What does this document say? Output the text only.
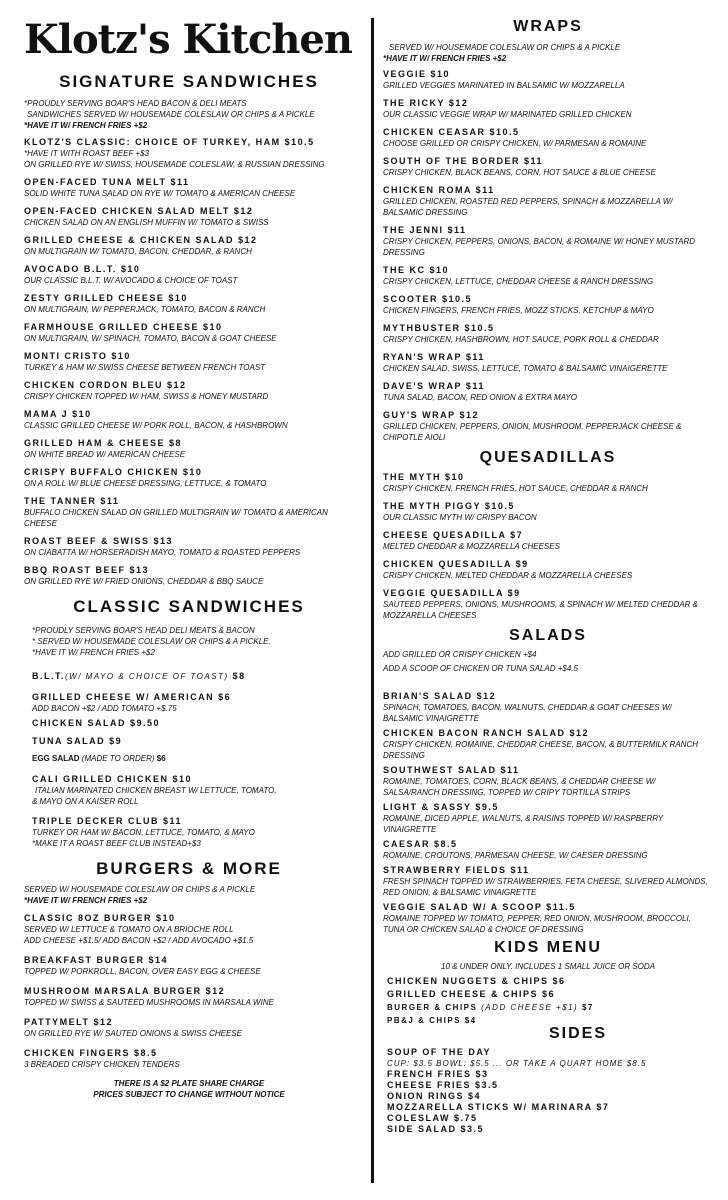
Klotz's Kitchen
SIGNATURE SANDWICHES

*PROUDLY SERVING BOAR'S HEAD BACON & DELI MEATS

SANDWICHES SERVED W/ HOUSEMADE COLESLAW OR CHIPS & A PICKLE

*HAVE IT W/ FRENCH FRIES +$2

KLOTZ'S CLASSIC: CHOICE OF TURKEY, HAM $10.5
*HAVE IT WITH ROAST BEEF +$3
ON GRILLED RYE W/ SWISS, HOUSEMADE COLESLAW, & RUSSIAN DRESSING
OPEN-FACED TUNA MELT $11
SOLID WHITE TUNA SALAD ON RYE W/ TOMATO & AMERICAN CHEESE
OPEN-FACED CHICKEN SALAD MELT $12
CHICKEN SALAD ON AN ENGLISH MUFFIN W/ TOMATO & SWISS
GRILLED CHEESE & CHICKEN SALAD $12
ON MULTIGRAIN W/ TOMATO, BACON, CHEDDAR, & RANCH
AVOCADO B.L.T. $10
OUR CLASSIC B.L.T. W/ AVOCADO & CHOICE OF TOAST
ZESTY GRILLED CHEESE $10
ON MULTIGRAIN, W/ PEPPERJACK, TOMATO, BACON & RANCH
FARMHOUSE GRILLED CHEESE $10
ON MULTIGRAIN, W/ SPINACH, TOMATO, BACON & GOAT CHEESE
MONTI CRISTO $10
TURKEY & HAM W/ SWISS CHEESE BETWEEN FRENCH TOAST
CHICKEN CORDON BLEU $12
CRISPY CHICKEN TOPPED W/ HAM, SWISS & HONEY MUSTARD
MAMA J $10
CLASSIC GRILLED CHEESE W/ PORK ROLL, BACON, & HASHBROWN
GRILLED HAM & CHEESE $8
ON WHITE BREAD W/ AMERICAN CHEESE
CRISPY BUFFALO CHICKEN $10
ON A ROLL W/ BLUE CHEESE DRESSING, LETTUCE, & TOMATO
THE TANNER $11
BUFFALO CHICKEN SALAD ON GRILLED MULTIGRAIN W/ TOMATO & AMERICAN CHEESE
ROAST BEEF & SWISS $13
ON CIABATTA W/ HORSERADISH MAYO, TOMATO & ROASTED PEPPERS
BBQ ROAST BEEF $13
ON GRILLED RYE W/ FRIED ONIONS, CHEDDAR & BBQ SAUCE
CLASSIC SANDWICHES

*PROUDLY SERVING BOAR'S HEAD DELI MEATS & BACON

* SERVED W/ HOUSEMADE COLESLAW OR CHIPS & A PICKLE.

*HAVE IT W/ FRENCH FRIES +$2

B.L.T.(W/ MAYO & CHOICE OF TOAST) $8
GRILLED CHEESE W/ AMERICAN $6
ADD BACON +$2 / ADD TOMATO +$.75
CHICKEN SALAD $9.50
TUNA SALAD $9
EGG SALAD (MADE TO ORDER) $6
CALI GRILLED CHICKEN $10
ITALIAN MARINATED CHICKEN BREAST W/ LETTUCE, TOMATO,
& MAYO ON A KAISER ROLL
TRIPLE DECKER CLUB $11
TURKEY OR HAM W/ BACON, LETTUCE, TOMATO, & MAYO
*MAKE IT A ROAST BEEF CLUB INSTEAD+$3
BURGERS & MORE

SERVED W/ HOUSEMADE COLESLAW OR CHIPS & A PICKLE

*HAVE IT W/ FRENCH FRIES +$2

CLASSIC 8OZ BURGER $10
SERVED W/ LETTUCE & TOMATO ON A BRIOCHE ROLL
ADD CHEESE +$1.5/ ADD BACON +$2 / ADD AVOCADO +$1.5
BREAKFAST BURGER $14
TOPPED W/ PORKROLL, BACON, OVER EASY EGG & CHEESE
MUSHROOM MARSALA BURGER $12
TOPPED W/ SWISS & SAUTEED MUSHROOMS IN MARSALA WINE
PATTYMELT $12
ON GRILLED RYE W/ SAUTED ONIONS & SWISS CHEESE
CHICKEN FINGERS $8.5
3 BREADED CRISPY CHICKEN TENDERS

THERE IS A $2 PLATE SHARE CHARGE

PRICES SUBJECT TO CHANGE WITHOUT NOTICE

WRAPS

SERVED W/ HOUSEMADE COLESLAW OR CHIPS & A PICKLE

*HAVE IT W/ FRENCH FRIES +$2

VEGGIE $10
GRILLED VEGGIES MARINATED IN BALSAMIC W/ MOZZARELLA
THE RICKY $12
OUR CLASSIC VEGGIE WRAP W/ MARINATED GRILLED CHICKEN
CHICKEN CEASAR $10.5
CHOOSE GRILLED OR CRISPY CHICKEN, W/ PARMESAN & ROMAINE
SOUTH OF THE BORDER $11
CRISPY CHICKEN, BLACK BEANS, CORN, HOT SAUCE & BLUE CHEESE
CHICKEN ROMA $11
GRILLED CHICKEN, ROASTED RED PEPPERS, SPINACH & MOZZARELLA W/ BALSAMIC DRESSING
THE JENNI $11
CRISPY CHICKEN, PEPPERS, ONIONS, BACON, & ROMAINE W/ HONEY MUSTARD DRESSING
THE KC $10
CRISPY CHICKEN, LETTUCE, CHEDDAR CHEESE & RANCH DRESSING
SCOOTER $10.5
CHICKEN FINGERS, FRENCH FRIES, MOZZ STICKS, KETCHUP & MAYO
MYTHBUSTER $10.5
CRISPY CHICKEN, HASHBROWN, HOT SAUCE, PORK ROLL & CHEDDAR
RYAN'S WRAP $11
CHICKEN SALAD, SWISS, LETTUCE, TOMATO & BALSAMIC VINAIGERETTE
DAVE'S WRAP $11
TUNA SALAD, BACON, RED ONION & EXTRA MAYO
GUY'S WRAP $12
GRILLED CHICKEN, PEPPERS, ONION, MUSHROOM, PEPPERJACK CHEESE & CHIPOTLE AIOLI
QUESADILLAS
THE MYTH $10
CRISPY CHICKEN, FRENCH FRIES, HOT SAUCE, CHEDDAR & RANCH
THE MYTH PIGGY $10.5
OUR CLASSIC MYTH W/ CRISPY BACON
CHEESE QUESADILLA $7
MELTED CHEDDAR & MOZZARELLA CHEESES
CHICKEN QUESADILLA $9
CRISPY CHICKEN, MELTED CHEDDAR & MOZZARELLA CHEESES
VEGGIE QUESADILLA $9
SAUTEED PEPPERS, ONIONS, MUSHROOMS, & SPINACH W/ MELTED CHEDDAR & MOZZARELLA CHEESES
SALADS

ADD GRILLED OR CRISPY CHICKEN +$4

ADD A SCOOP OF CHICKEN OR TUNA SALAD +$4.5

BRIAN'S SALAD $12
SPINACH, TOMATOES, BACON, WALNUTS, CHEDDAR & GOAT CHEESES W/ BALSAMIC VINAIGRETTE
CHICKEN BACON RANCH SALAD $12
CRISPY CHICKEN, ROMAINE, CHEDDAR CHEESE, BACON, & BUTTERMILK RANCH DRESSING
SOUTHWEST SALAD $11
ROMAINE, TOMATOES, CORN, BLACK BEANS, & CHEDDAR CHEESE W/ SALSA/RANCH DRESSING, TOPPED W/ CRIPY TORTILLA STRIPS
LIGHT & SASSY $9.5
ROMAINE, DICED APPLE, WALNUTS, & RAISINS TOPPED W/ RASPBERRY VINAIGRETTE
CAESAR $8.5
ROMAINE, CROUTONS, PARMESAN CHEESE, W/ CAESER DRESSING
STRAWBERRY FIELDS $11
FRESH SPINACH TOPPED W/ STRAWBERRIES, FETA CHEESE, SLIVERED ALMONDS, RED ONION, & BALSAMIC VINAIGRETTE
VEGGIE SALAD W/ A SCOOP $11.5
ROMAINE TOPPED W/ TOMATO, PEPPER, RED ONION, MUSHROOM, BROCCOLI, TUNA OR CHICKEN SALAD & CHOICE OF DRESSING
KIDS MENU

10 & UNDER ONLY. INCLUDES 1 SMALL JUICE OR SODA

CHICKEN NUGGETS & CHIPS $6
GRILLED CHEESE & CHIPS $6
BURGER & CHIPS (ADD CHEESE +$1) $7
PB&J & CHIPS $4
SIDES
SOUP OF THE DAY
CUP: $3.5 BOWL: $5.5 ... OR TAKE A QUART HOME $8.5
FRENCH FRIES $3
CHEESE FRIES $3.5
ONION RINGS $4
MOZZARELLA STICKS W/ MARINARA $7
COLESLAW $.75
SIDE SALAD $3.5
